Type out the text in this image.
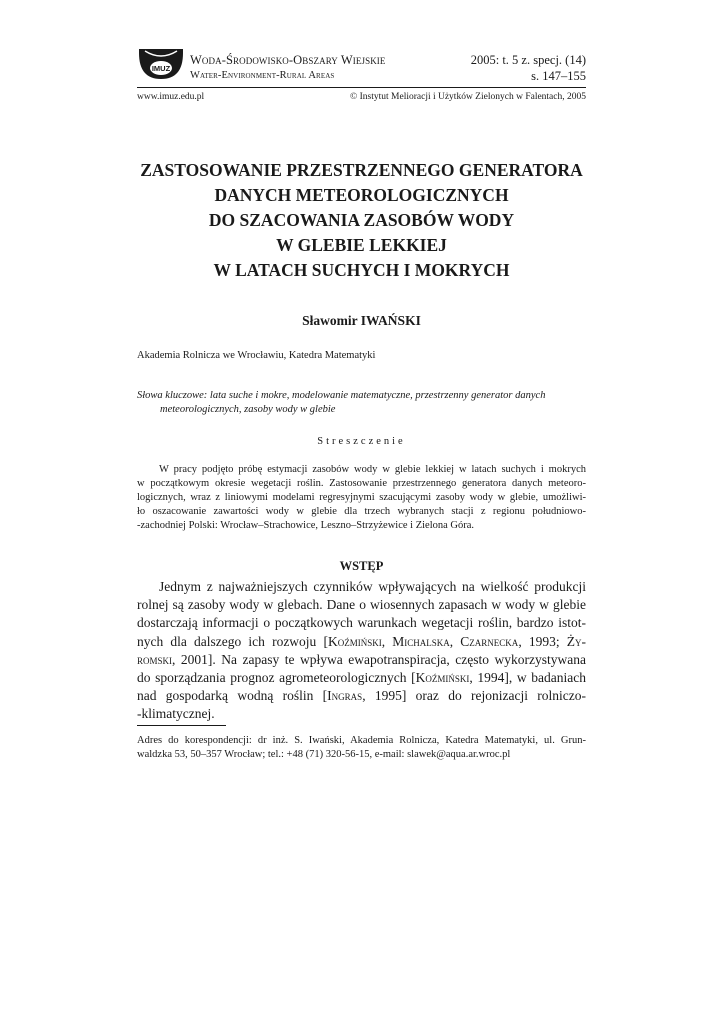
IMUZ
Woda-Środowisko-Obszary Wiejskie
Water-Environment-Rural Areas
2005: t. 5 z. specj. (14)
s. 147–155
www.imuz.edu.pl	© Instytut Melioracji i Użytków Zielonych w Falentach, 2005
ZASTOSOWANIE PRZESTRZENNEGO GENERATORA
DANYCH METEOROLOGICZNYCH
DO SZACOWANIA ZASOBÓW WODY
W GLEBIE LEKKIEJ
W LATACH SUCHYCH I MOKRYCH
Sławomir IWAŃSKI
Akademia Rolnicza we Wrocławiu, Katedra Matematyki
Słowa kluczowe: lata suche i mokre, modelowanie matematyczne, przestrzenny generator danych
meteorologicznych, zasoby wody w glebie
Streszczenie
W pracy podjęto próbę estymacji zasobów wody w glebie lekkiej w latach suchych i mokrych
w początkowym okresie wegetacji roślin. Zastosowanie przestrzennego generatora danych meteoro-
logicznych, wraz z liniowymi modelami regresyjnymi szacującymi zasoby wody w glebie, umożliwi-
ło oszacowanie zawartości wody w glebie dla trzech wybranych stacji z regionu południowo-
-zachodniej Polski: Wrocław–Strachowice, Leszno–Strzyżewice i Zielona Góra.
WSTĘP
Jednym z najważniejszych czynników wpływających na wielkość produkcji
rolnej są zasoby wody w glebach. Dane o wiosennych zapasach w wody w glebie
dostarczają informacji o początkowych warunkach wegetacji roślin, bardzo istot-
nych dla dalszego ich rozwoju [Koźmiński, Michalska, Czarnecka, 1993; Ży-
romski, 2001]. Na zapasy te wpływa ewapotranspiracja, często wykorzystywana
do sporządzania prognoz agrometeorologicznych [Koźmiński, 1994], w badaniach
nad gospodarką wodną roślin [Ingras, 1995] oraz do rejonizacji rolniczo-
-klimatycznej.
Adres do korespondencji: dr inż. S. Iwański, Akademia Rolnicza, Katedra Matematyki, ul. Grun-
waldzka 53, 50–357 Wrocław; tel.: +48 (71) 320-56-15, e-mail: slawek@aqua.ar.wroc.pl
